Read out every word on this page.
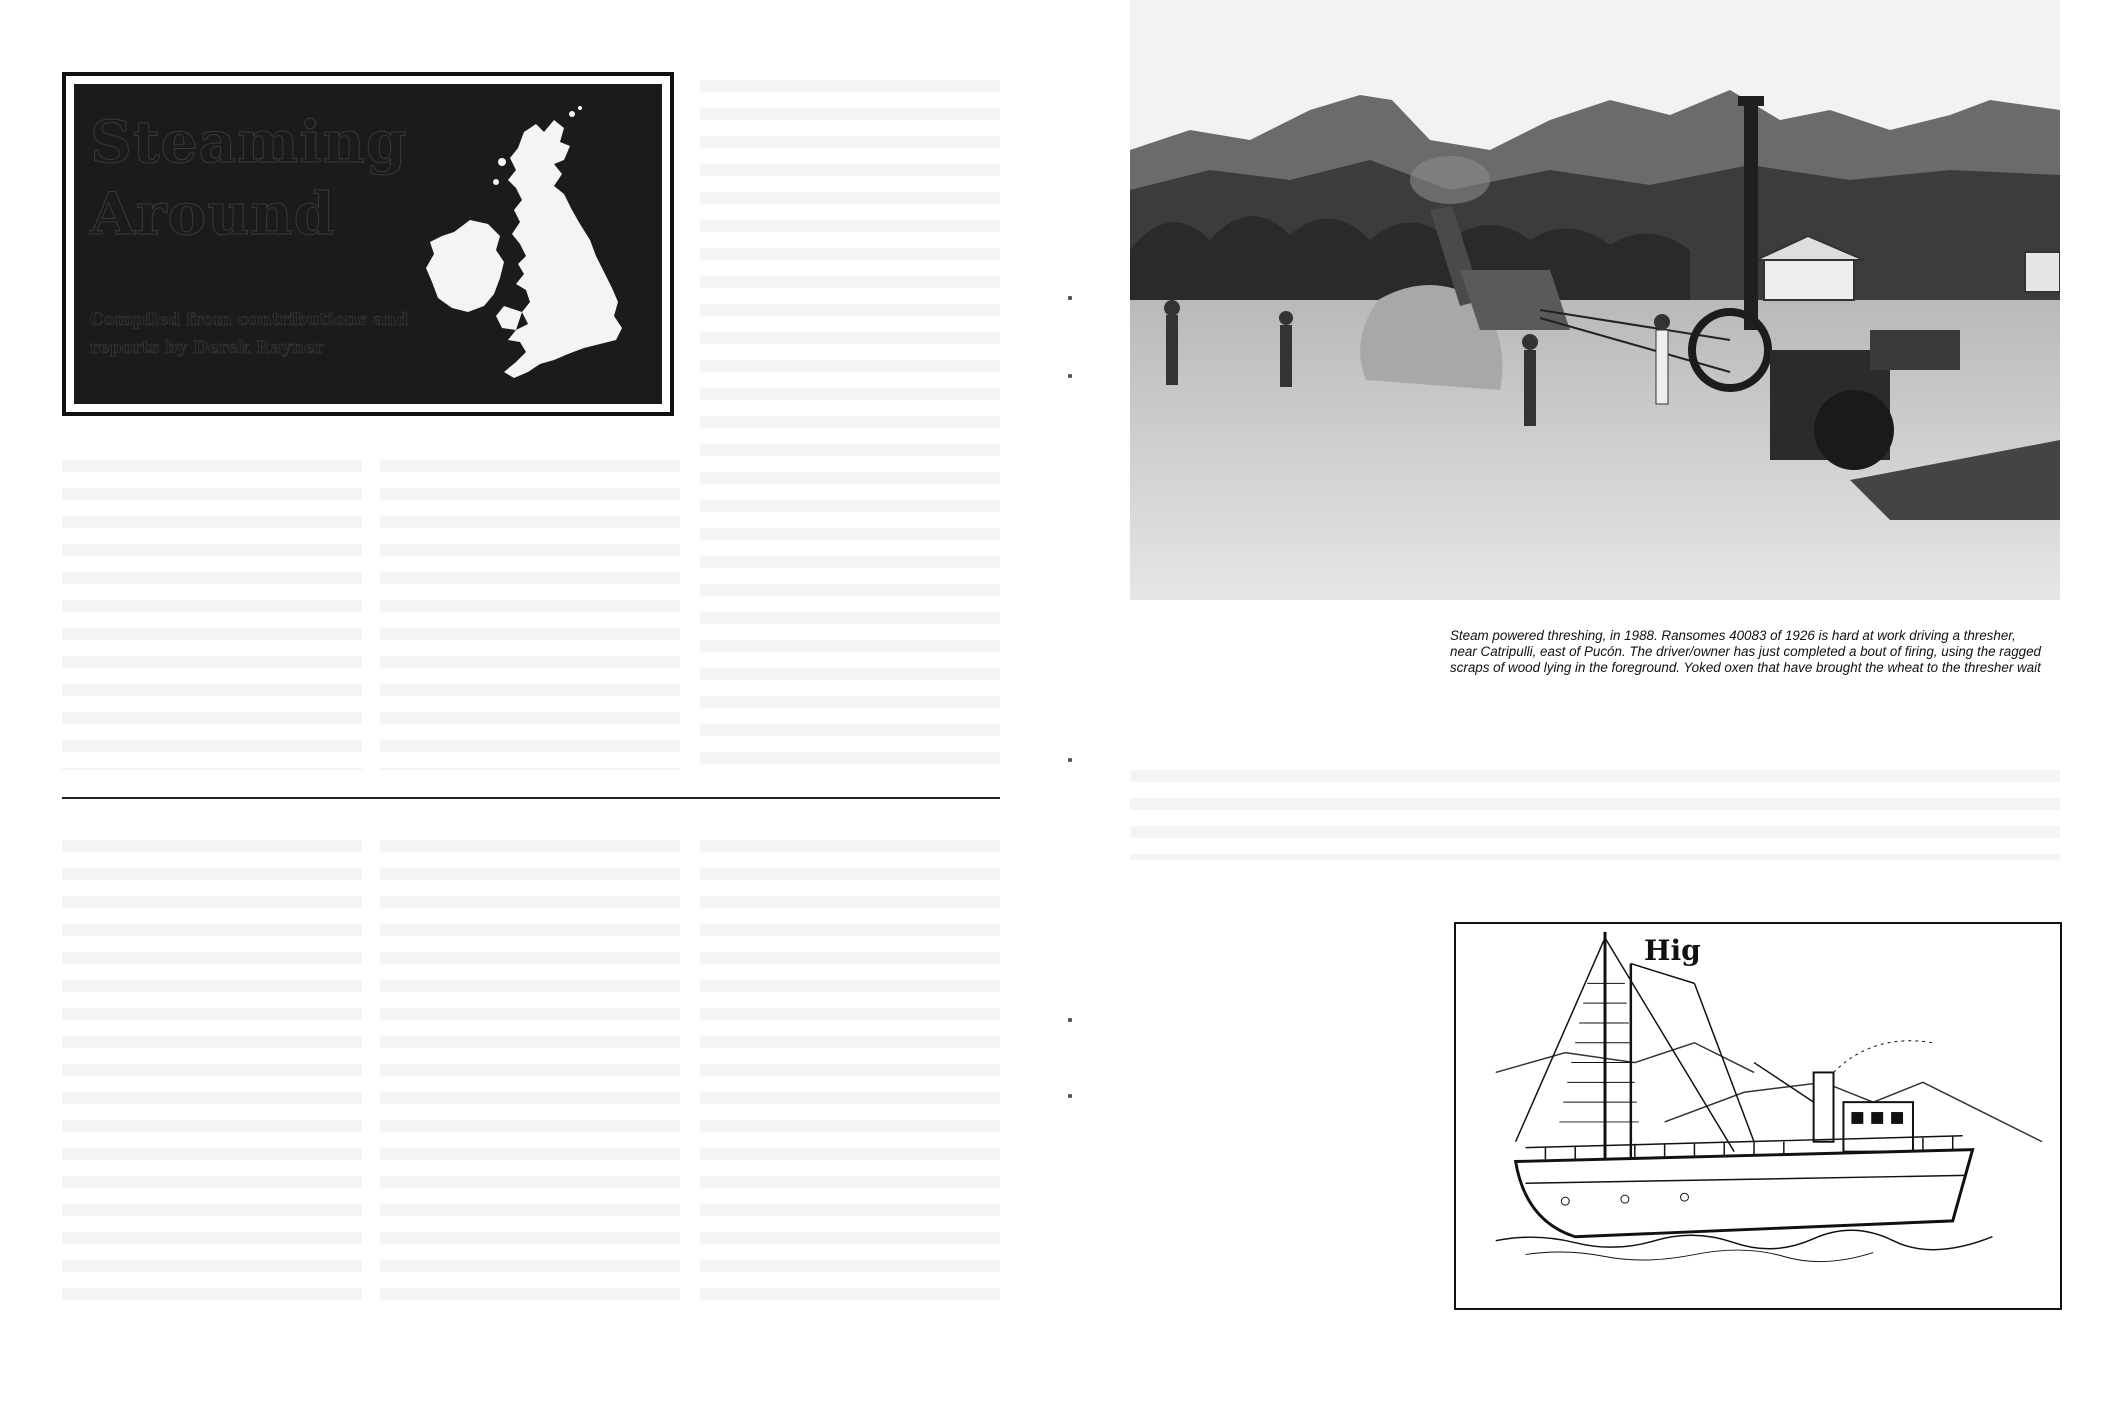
Steaming Around
Compiled from contributions and reports by Derek Rayner

Steam powered threshing, in 1988. Ransomes 40083 of 1926 is hard at work driving a thresher, near Catripulli, east of Pucón. The driver/owner has just completed a bout of firing, using the ragged scraps of wood lying in the foreground. Yoked oxen that have brought the wheat to the thresher wait

Hig
